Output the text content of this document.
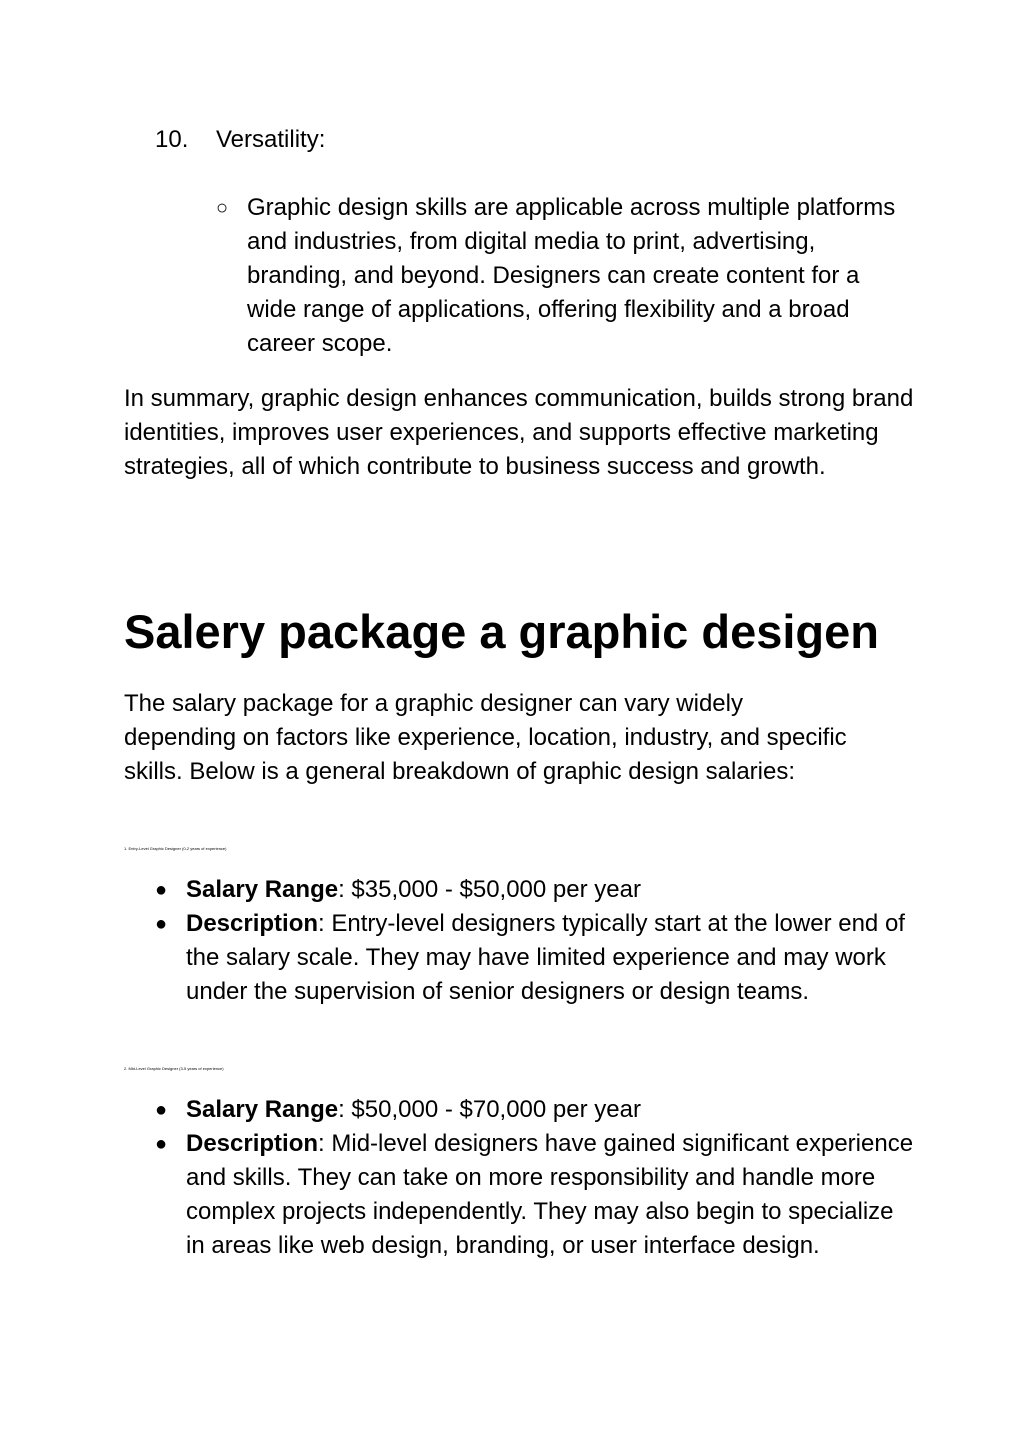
10. Versatility:
○ Graphic design skills are applicable across multiple platforms and industries, from digital media to print, advertising, branding, and beyond. Designers can create content for a wide range of applications, offering flexibility and a broad career scope.

In summary, graphic design enhances communication, builds strong brand identities, improves user experiences, and supports effective marketing strategies, all of which contribute to business success and growth.

Salery package a graphic desigen

The salary package for a graphic designer can vary widely depending on factors like experience, location, industry, and specific skills. Below is a general breakdown of graphic design salaries:

1. Entry-Level Graphic Designer (0-2 years of experience)
● Salary Range: $35,000 - $50,000 per year
● Description: Entry-level designers typically start at the lower end of the salary scale. They may have limited experience and may work under the supervision of senior designers or design teams.
2. Mid-Level Graphic Designer (3-5 years of experience)
● Salary Range: $50,000 - $70,000 per year
● Description: Mid-level designers have gained significant experience and skills. They can take on more responsibility and handle more complex projects independently. They may also begin to specialize in areas like web design, branding, or user interface design.
